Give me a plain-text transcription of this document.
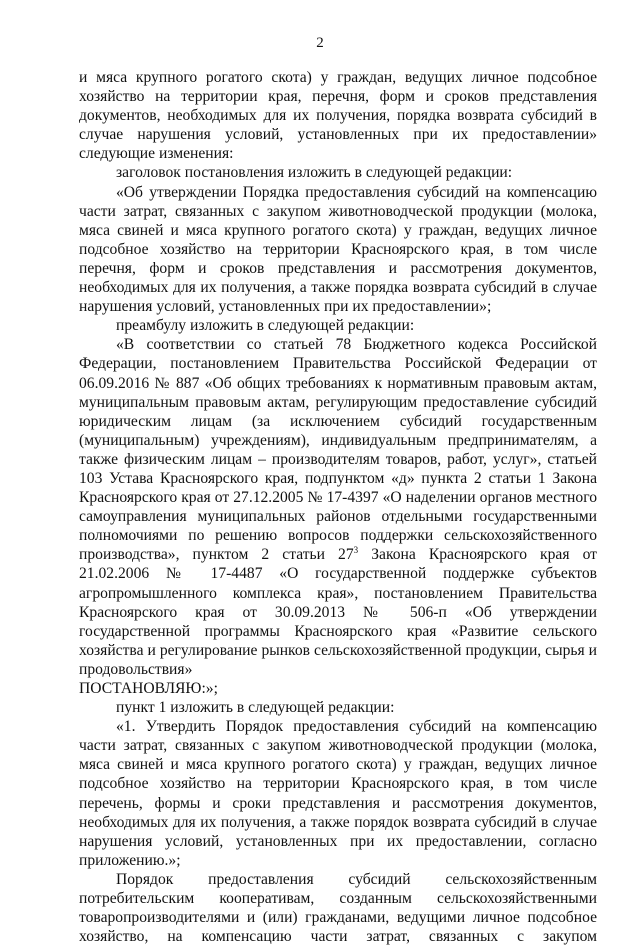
2

и мяса крупного рогатого скота) у граждан, ведущих личное подсобное хозяйство на территории края, перечня, форм и сроков представления документов, необходимых для их получения, порядка возврата субсидий в случае нарушения условий, установленных при их предоставлении» следующие изменения:

заголовок постановления изложить в следующей редакции:

«Об утверждении Порядка предоставления субсидий на компенсацию части затрат, связанных с закупом животноводческой продукции (молока, мяса свиней и мяса крупного рогатого скота) у граждан, ведущих личное подсобное хозяйство на территории Красноярского края, в том числе перечня, форм и сроков представления и рассмотрения документов, необходимых для их получения, а также порядка возврата субсидий в случае нарушения условий, установленных при их предоставлении»;

преамбулу изложить в следующей редакции:

«В соответствии со статьей 78 Бюджетного кодекса Российской Федерации, постановлением Правительства Российской Федерации от 06.09.2016 № 887 «Об общих требованиях к нормативным правовым актам, муниципальным правовым актам, регулирующим предоставление субсидий юридическим лицам (за исключением субсидий государственным (муниципальным) учреждениям), индивидуальным предпринимателям, а также физическим лицам – производителям товаров, работ, услуг», статьей 103 Устава Красноярского края, подпунктом «д» пункта 2 статьи 1 Закона Красноярского края от 27.12.2005 № 17-4397 «О наделении органов местного самоуправления муниципальных районов отдельными государственными полномочиями по решению вопросов поддержки сельскохозяйственного производства», пунктом 2 статьи $27^3$ Закона Красноярского края от 21.02.2006 № 17-4487 «О государственной поддержке субъектов агропромышленного комплекса края», постановлением Правительства Красноярского края от 30.09.2013 № 506-п «Об утверждении государственной программы Красноярского края «Развитие сельского хозяйства и регулирование рынков сельскохозяйственной продукции, сырья и продовольствия»
ПОСТАНОВЛЯЮ:»;

пункт 1 изложить в следующей редакции:

«1. Утвердить Порядок предоставления субсидий на компенсацию части затрат, связанных с закупом животноводческой продукции (молока, мяса свиней и мяса крупного рогатого скота) у граждан, ведущих личное подсобное хозяйство на территории Красноярского края, в том числе перечень, формы и сроки представления и рассмотрения документов, необходимых для их получения, а также порядок возврата субсидий в случае нарушения условий, установленных при их предоставлении, согласно приложению.»;

Порядок предоставления субсидий сельскохозяйственным потребительским кооперативам, созданным сельскохозяйственными товаропроизводителями и (или) гражданами, ведущими личное подсобное хозяйство, на компенсацию части затрат, связанных с закупом
